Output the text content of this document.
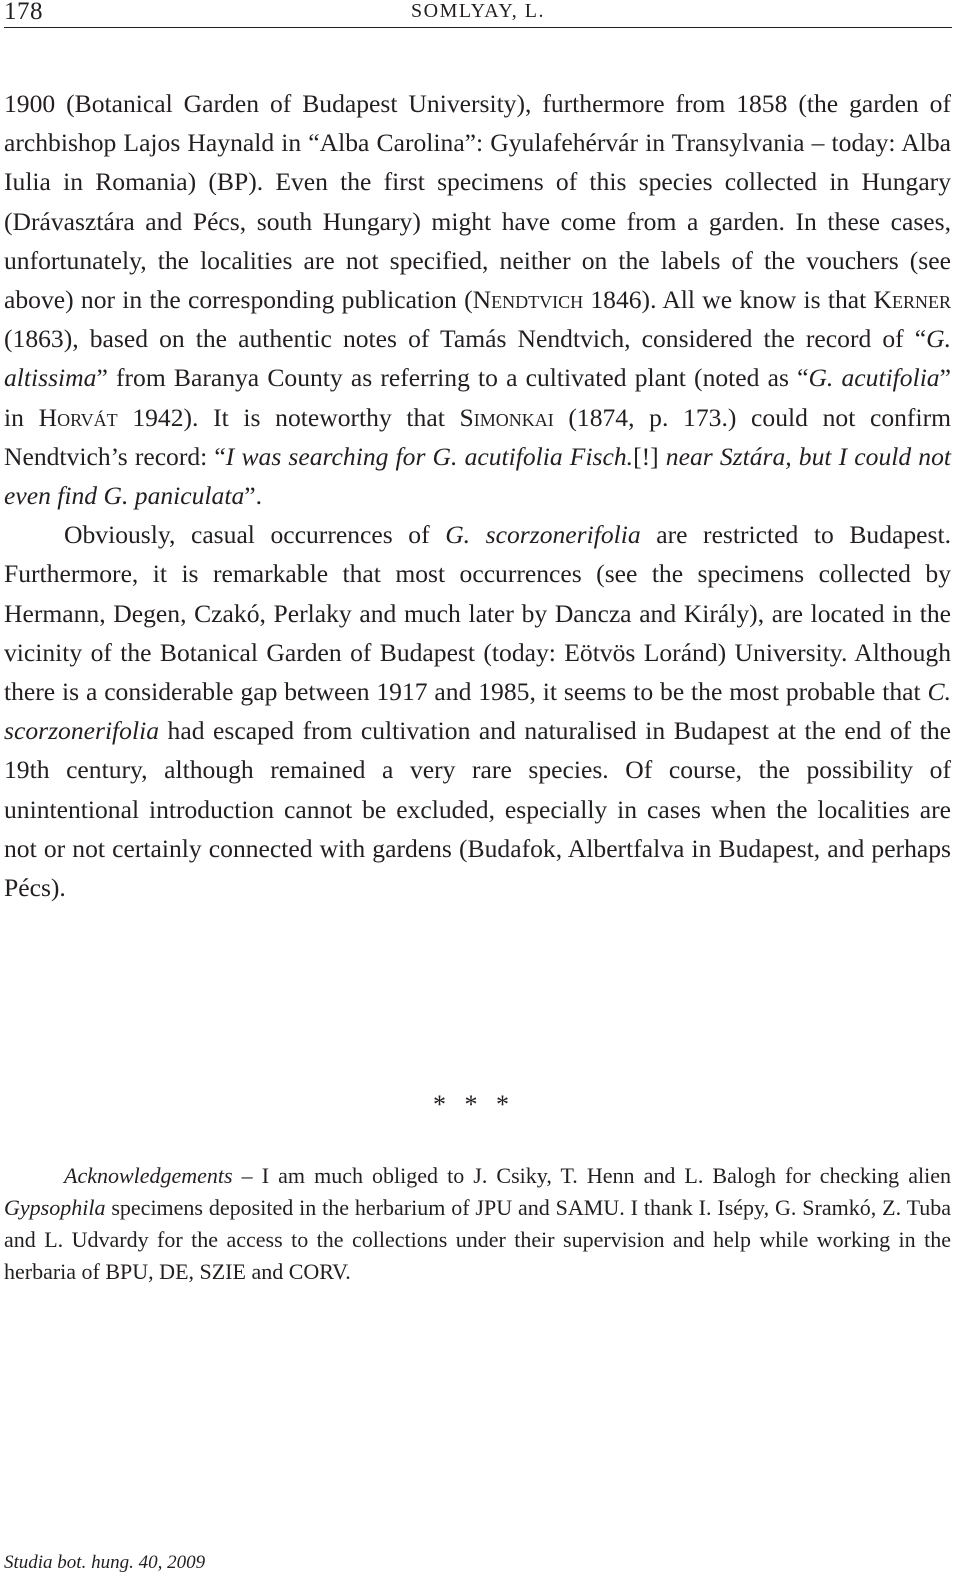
178	SOMLYAY, L.

1900 (Botanical Garden of Budapest University), furthermore from 1858 (the garden of archbishop Lajos Haynald in “Alba Carolina”: Gyulafehérvár in Transylvania – today: Alba Iulia in Romania) (BP). Even the first specimens of this species collected in Hungary (Drávasztára and Pécs, south Hungary) might have come from a garden. In these cases, unfortunately, the localities are not specified, neither on the labels of the vouchers (see above) nor in the corresponding publication (Nendtvich 1846). All we know is that Kerner (1863), based on the authentic notes of Tamás Nendtvich, considered the record of “G. altissima” from Baranya County as referring to a cultivated plant (noted as “G. acutifolia” in Horvát 1942). It is noteworthy that Simonkai (1874, p. 173.) could not confirm Nendtvich’s record: “I was searching for G. acutifolia Fisch.[!] near Sztára, but I could not even find G. paniculata”.

Obviously, casual occurrences of G. scorzonerifolia are restricted to Budapest. Furthermore, it is remarkable that most occurrences (see the specimens collected by Hermann, Degen, Czakó, Perlaky and much later by Dancza and Király), are located in the vicinity of the Botanical Garden of Budapest (today: Eötvös Loránd) University. Although there is a considerable gap between 1917 and 1985, it seems to be the most probable that C. scorzonerifolia had escaped from cultivation and naturalised in Budapest at the end of the 19th century, although remained a very rare species. Of course, the possibility of unintentional introduction cannot be excluded, especially in cases when the localities are not or not certainly connected with gardens (Budafok, Albertfalva in Budapest, and perhaps Pécs).

* * *
Acknowledgements – I am much obliged to J. Csiky, T. Henn and L. Balogh for checking alien Gypsophila specimens deposited in the herbarium of JPU and SAMU. I thank I. Isépy, G. Sramkó, Z. Tuba and L. Udvardy for the access to the collections under their supervision and help while working in the herbaria of BPU, DE, SZIE and CORV.
Studia bot. hung. 40, 2009
